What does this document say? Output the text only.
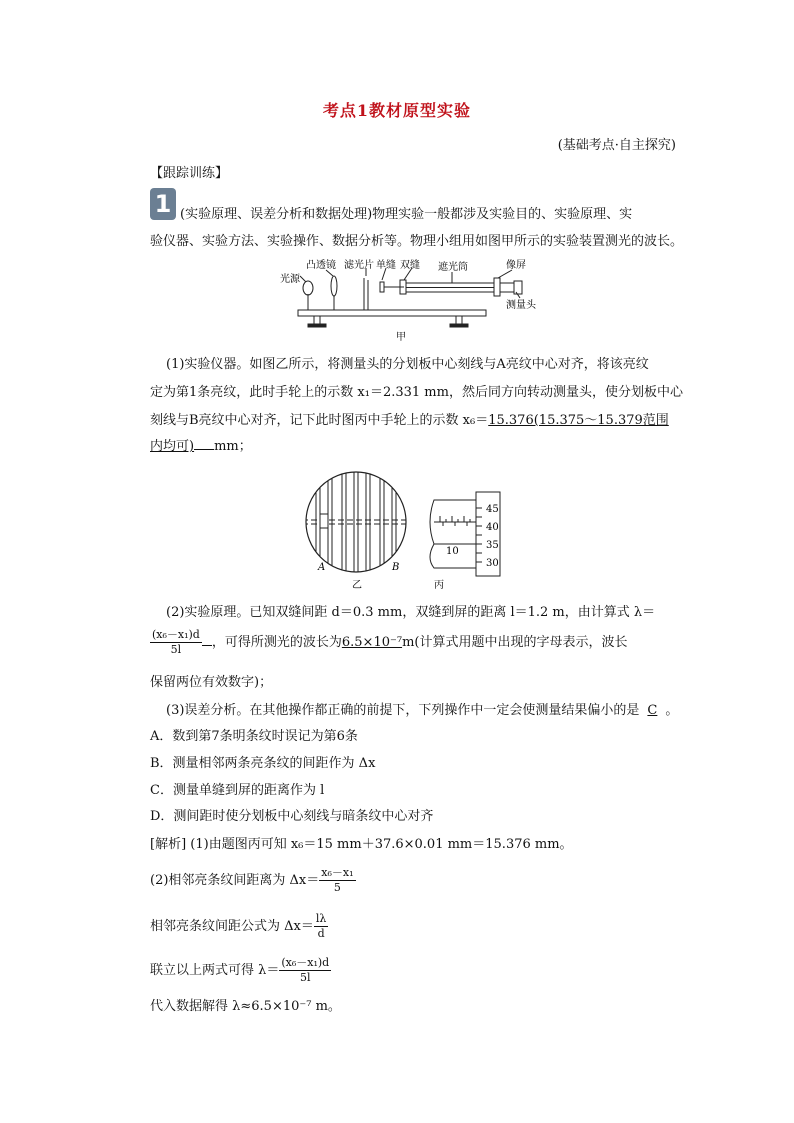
考点1教材原型实验
(基础考点·自主探究)
【跟踪训练】
1 (实验原理、误差分析和数据处理)物理实验一般都涉及实验目的、实验原理、实
验仪器、实验方法、实验操作、数据分析等。物理小组用如图甲所示的实验装置测光的波长。
光源
凸透镜 滤光片 单缝 双缝 遮光筒	像屏
测量头
甲
(1)实验仪器。如图乙所示，将测量头的分划板中心刻线与A亮纹中心对齐，将该亮纹
定为第1条亮纹，此时手轮上的示数 x₁＝2.331 mm，然后同方向转动测量头，使分划板中心
刻线与B亮纹中心对齐，记下此时图丙中手轮上的示数 x₆＝15.376(15.375～15.379范围
内均可) mm；
A	B
乙
45
40
35
30
10
丙
(2)实验原理。已知双缝间距 d＝0.3 mm，双缝到屏的距离 l＝1.2 m，由计算式 λ＝
$\frac{\text{(x₆－x₁)d}}{5l}$ ，可得所测光的波长为6.5×10⁻⁷m(计算式用题中出现的字母表示，波长
保留两位有效数字)；
(3)误差分析。在其他操作都正确的前提下，下列操作中一定会使测量结果偏小的是 C 。
A．数到第7条明条纹时误记为第6条
B．测量相邻两条亮条纹的间距作为 Δx
C．测量单缝到屏的距离作为 l
D．测间距时使分划板中心刻线与暗条纹中心对齐
[解析] (1)由题图丙可知 x₆＝15 mm＋37.6×0.01 mm＝15.376 mm。
(2)相邻亮条纹间距离为 $\Delta x= \frac{\text{x₆－x₁}}{5}$
相邻亮条纹间距公式为 $\Delta x= \frac{l\lambda}{d}$
联立以上两式可得 $\lambda= \frac{\text{(x₆－x₁)d}}{5l}$
代入数据解得 λ≈6.5×10⁻⁷ m。
